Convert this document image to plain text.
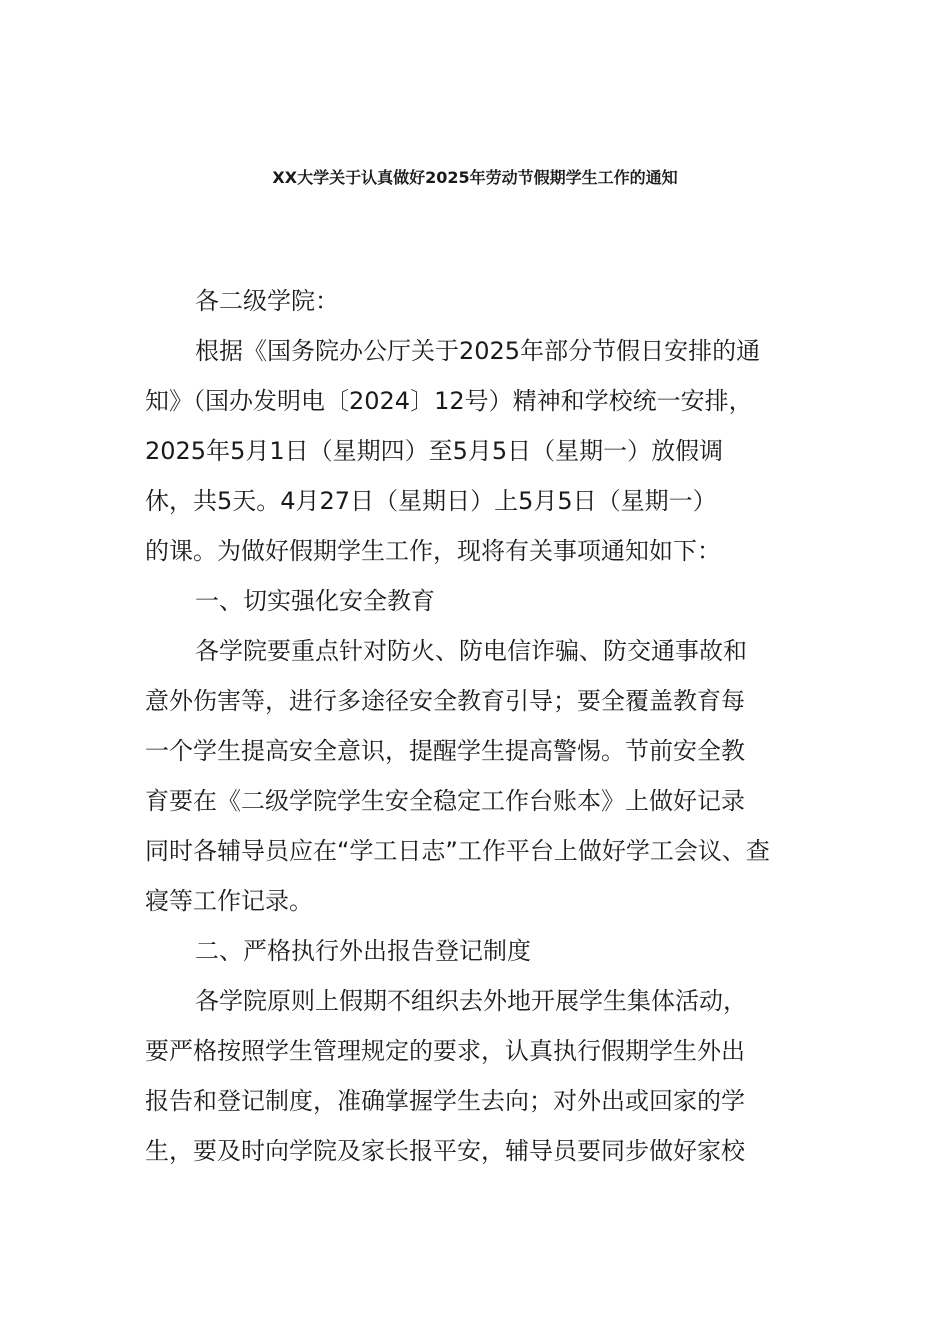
XX大学关于认真做好2025年劳动节假期学生工作的通知
各二级学院：
根据《国务院办公厅关于2025年部分节假日安排的通
知》（国办发明电〔2024〕12号）精神和学校统一安排，
2025年5月1日（星期四）至5月5日（星期一）放假调
休，共5天。4月27日（星期日）上5月5日（星期一）
的课。为做好假期学生工作，现将有关事项通知如下：
一、切实强化安全教育
各学院要重点针对防火、防电信诈骗、防交通事故和
意外伤害等，进行多途径安全教育引导；要全覆盖教育每
一个学生提高安全意识，提醒学生提高警惕。节前安全教
育要在《二级学院学生安全稳定工作台账本》上做好记录
同时各辅导员应在“学工日志”工作平台上做好学工会议、查
寝等工作记录。
二、严格执行外出报告登记制度
各学院原则上假期不组织去外地开展学生集体活动，
要严格按照学生管理规定的要求，认真执行假期学生外出
报告和登记制度，准确掌握学生去向；对外出或回家的学
生，要及时向学院及家长报平安，辅导员要同步做好家校
